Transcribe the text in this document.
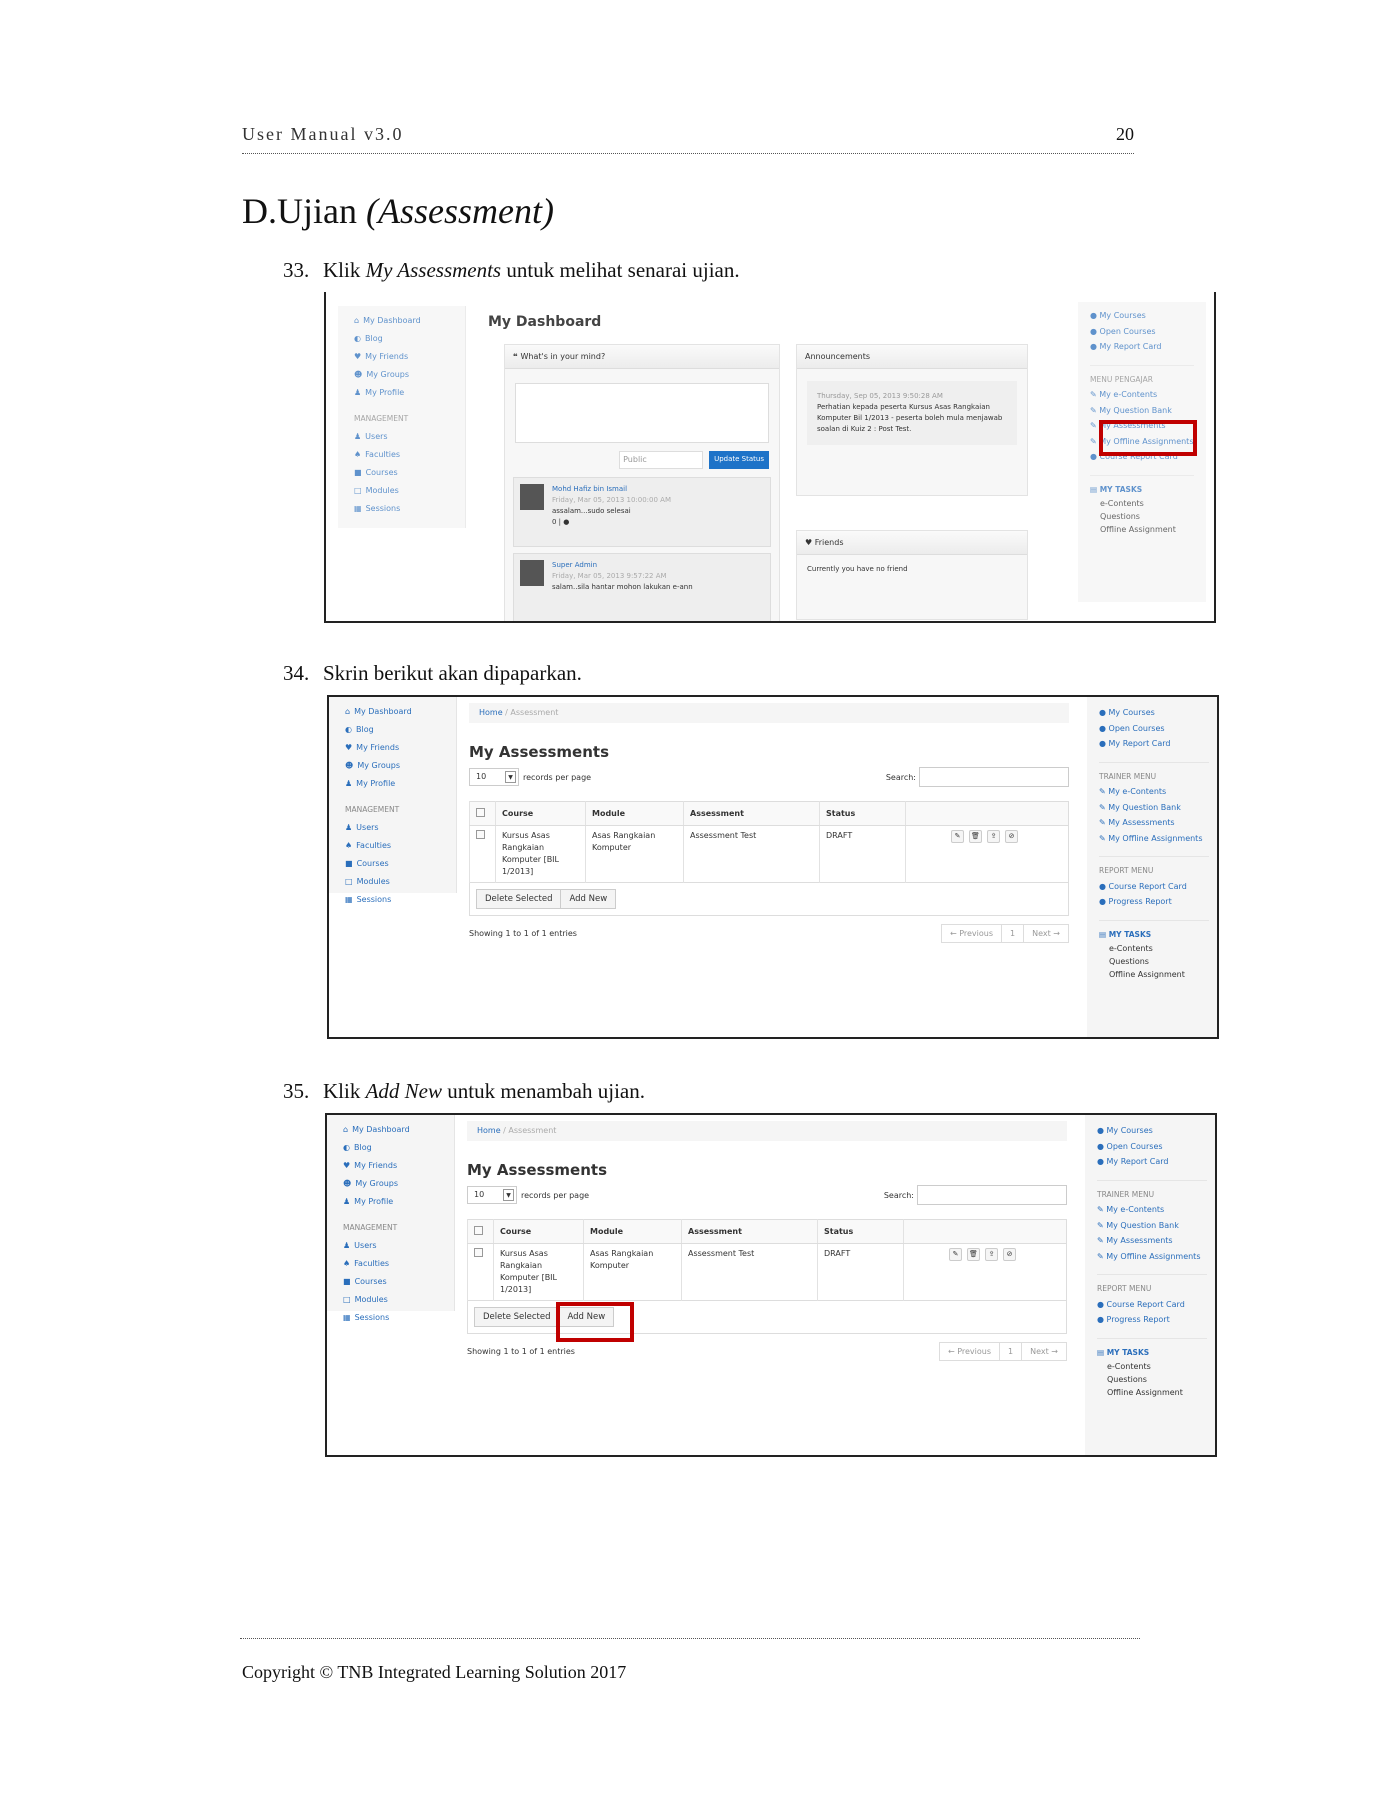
User Manual v3.0	20
D.Ujian (Assessment)
33. Klik My Assessments untuk melihat senarai ujian.
34. Skrin berikut akan dipaparkan.
35. Klik Add New untuk menambah ujian.
⌂ My Dashboard
◐ Blog
♥ My Friends
☻ My Groups
♟ My Profile
MANAGEMENT
♟ Users
♠ Faculties
■ Courses
□ Modules
▦ Sessions
My Dashboard
❝ What's in your mind?
Public	Update Status
Mohd Hafiz bin Ismail
Friday, Mar 05, 2013 10:00:00 AM
assalam...sudo selesai
0 | ●
Super Admin
Friday, Mar 05, 2013 9:57:22 AM
salam..sila hantar mohon lakukan e-ann
Announcements
Thursday, Sep 05, 2013 9:50:28 AM
Perhatian kepada peserta Kursus Asas Rangkaian Komputer Bil 1/2013 - peserta boleh mula menjawab soalan di Kuiz 2 : Post Test.
♥ Friends
Currently you have no friend
● My Courses
● Open Courses
● My Report Card
MENU PENGAJAR
✎ My e-Contents
✎ My Question Bank
✎ My Assessments
✎ My Offline Assignments
● Course Report Card
▤ MY TASKS
e-Contents
Questions
Offline Assignment
⌂ My Dashboard
◐ Blog
♥ My Friends
☻ My Groups
♟ My Profile
MANAGEMENT
♟ Users
♠ Faculties
■ Courses
□ Modules
▦ Sessions
Home / Assessment
My Assessments
10	▼	records per page	Search:
	Course	Module	Assessment	Status	
	Kursus Asas Rangkaian Komputer [BIL 1/2013]	Asas Rangkaian Komputer	Assessment Test	DRAFT	✎ 🗑 ⇪ ⊘
Delete Selected Add New
Showing 1 to 1 of 1 entries	← Previous	1	Next →
● My Courses
● Open Courses
● My Report Card
TRAINER MENU
✎ My e-Contents
✎ My Question Bank
✎ My Assessments
✎ My Offline Assignments
REPORT MENU
● Course Report Card
● Progress Report
▤ MY TASKS
e-Contents
Questions
Offline Assignment
⌂ My Dashboard
◐ Blog
♥ My Friends
☻ My Groups
♟ My Profile
MANAGEMENT
♟ Users
♠ Faculties
■ Courses
□ Modules
▦ Sessions
Home / Assessment
My Assessments
10	▼	records per page	Search:
	Course	Module	Assessment	Status	
	Kursus Asas Rangkaian Komputer [BIL 1/2013]	Asas Rangkaian Komputer	Assessment Test	DRAFT	✎ 🗑 ⇪ ⊘
Delete Selected Add New
Showing 1 to 1 of 1 entries	← Previous	1	Next →
● My Courses
● Open Courses
● My Report Card
TRAINER MENU
✎ My e-Contents
✎ My Question Bank
✎ My Assessments
✎ My Offline Assignments
REPORT MENU
● Course Report Card
● Progress Report
▤ MY TASKS
e-Contents
Questions
Offline Assignment
Copyright © TNB Integrated Learning Solution 2017
